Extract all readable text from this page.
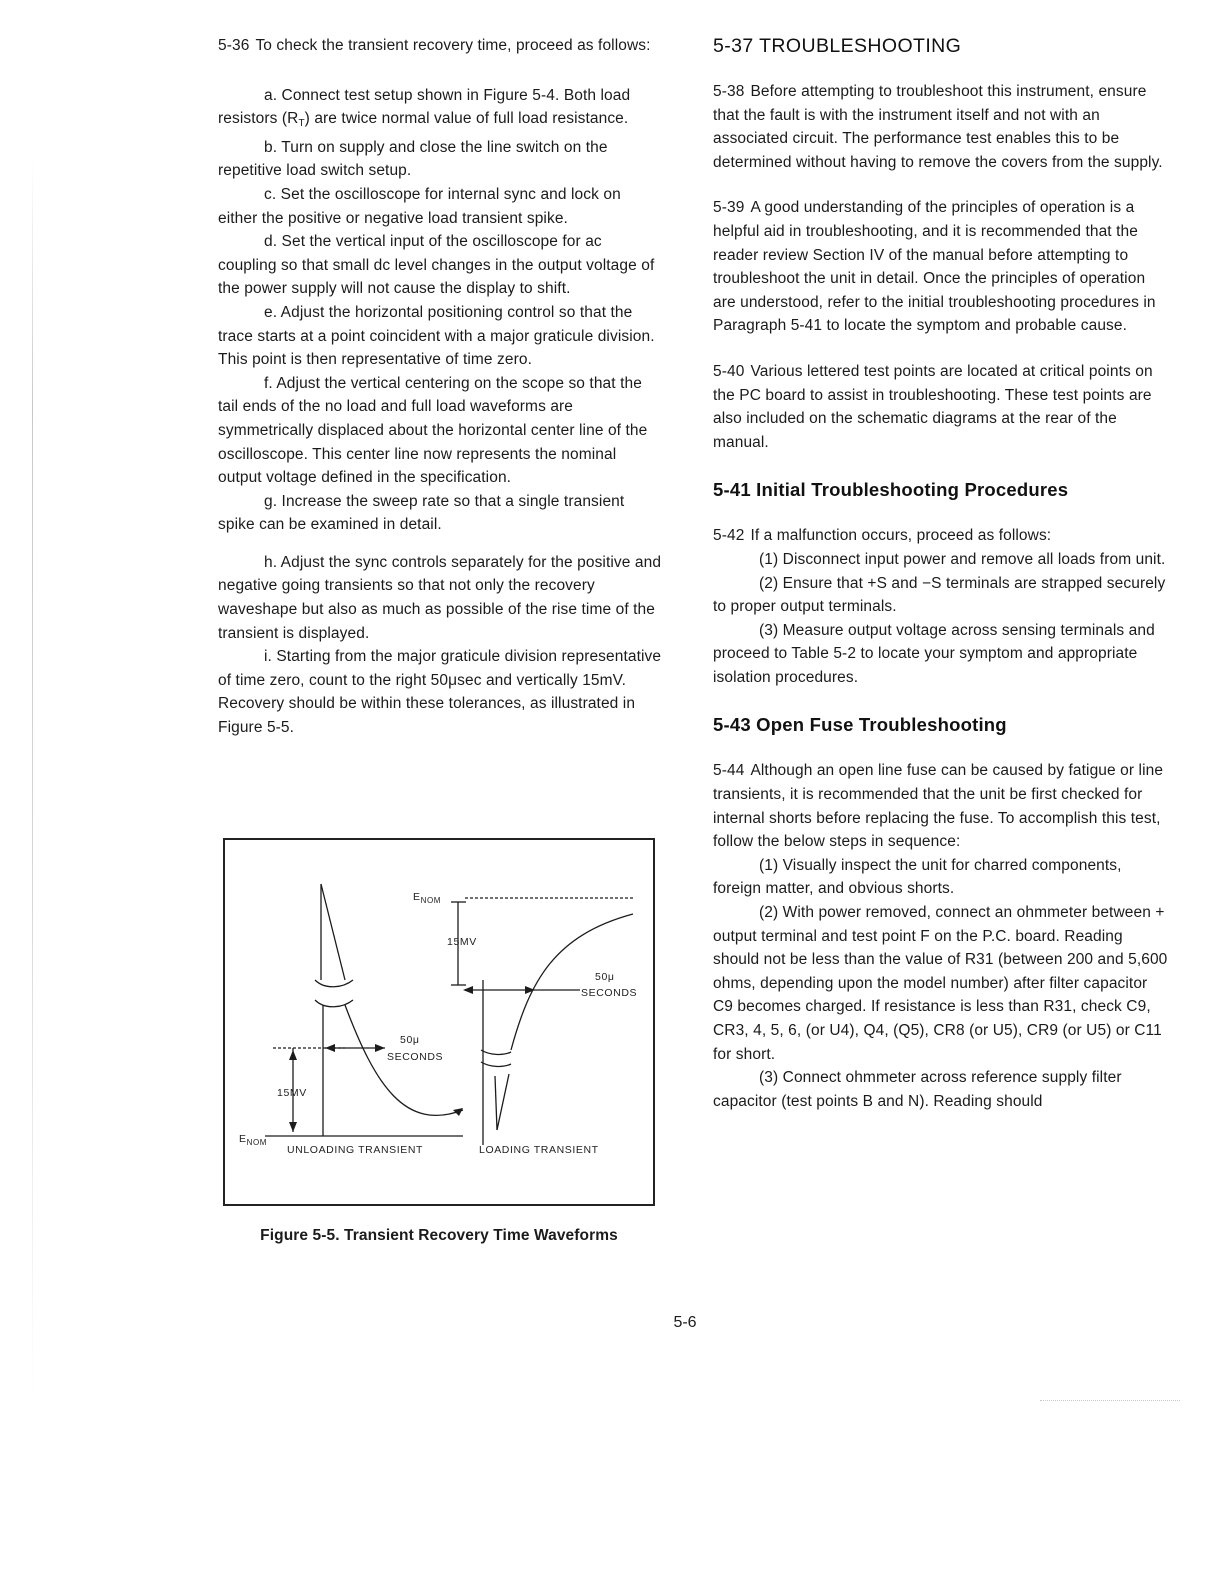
5-36 To check the transient recovery time, proceed as follows:

a. Connect test setup shown in Figure 5-4. Both load resistors $(R_T)$ are twice normal value of full load resistance.

b. Turn on supply and close the line switch on the repetitive load switch setup.

c. Set the oscilloscope for internal sync and lock on either the positive or negative load transient spike.

d. Set the vertical input of the oscilloscope for ac coupling so that small dc level changes in the output voltage of the power supply will not cause the display to shift.

e. Adjust the horizontal positioning control so that the trace starts at a point coincident with a major graticule division. This point is then representative of time zero.

f. Adjust the vertical centering on the scope so that the tail ends of the no load and full load waveforms are symmetrically displaced about the horizontal center line of the oscilloscope. This center line now represents the nominal output voltage defined in the specification.

g. Increase the sweep rate so that a single transient spike can be examined in detail.

h. Adjust the sync controls separately for the positive and negative going transients so that not only the recovery waveshape but also as much as possible of the rise time of the transient is displayed.

i. Starting from the major graticule division representative of time zero, count to the right 50μsec and vertically 15mV. Recovery should be within these tolerances, as illustrated in Figure 5-5.

$E_{NOM}$
15MV
50μ
SECONDS
50μ
SECONDS
15MV
$E_{NOM}$
UNLOADING TRANSIENT	LOADING TRANSIENT
Figure 5-5. Transient Recovery Time Waveforms
5-37 TROUBLESHOOTING

5-38 Before attempting to troubleshoot this instrument, ensure that the fault is with the instrument itself and not with an associated circuit. The performance test enables this to be determined without having to remove the covers from the supply.

5-39 A good understanding of the principles of operation is a helpful aid in troubleshooting, and it is recommended that the reader review Section IV of the manual before attempting to troubleshoot the unit in detail. Once the principles of operation are understood, refer to the initial troubleshooting procedures in Paragraph 5-41 to locate the symptom and probable cause.

5-40 Various lettered test points are located at critical points on the PC board to assist in troubleshooting. These test points are also included on the schematic diagrams at the rear of the manual.

5-41 Initial Troubleshooting Procedures

5-42 If a malfunction occurs, proceed as follows:

(1) Disconnect input power and remove all loads from unit.

(2) Ensure that +S and −S terminals are strapped securely to proper output terminals.

(3) Measure output voltage across sensing terminals and proceed to Table 5-2 to locate your symptom and appropriate isolation procedures.

5-43 Open Fuse Troubleshooting

5-44 Although an open line fuse can be caused by fatigue or line transients, it is recommended that the unit be first checked for internal shorts before replacing the fuse. To accomplish this test, follow the below steps in sequence:

(1) Visually inspect the unit for charred components, foreign matter, and obvious shorts.

(2) With power removed, connect an ohmmeter between + output terminal and test point F on the P.C. board. Reading should not be less than the value of R31 (between 200 and 5,600 ohms, depending upon the model number) after filter capacitor C9 becomes charged. If resistance is less than R31, check C9, CR3, 4, 5, 6, (or U4), Q4, (Q5), CR8 (or U5), CR9 (or U5) or C11 for short.

(3) Connect ohmmeter across reference supply filter capacitor (test points B and N). Reading should

5-6
